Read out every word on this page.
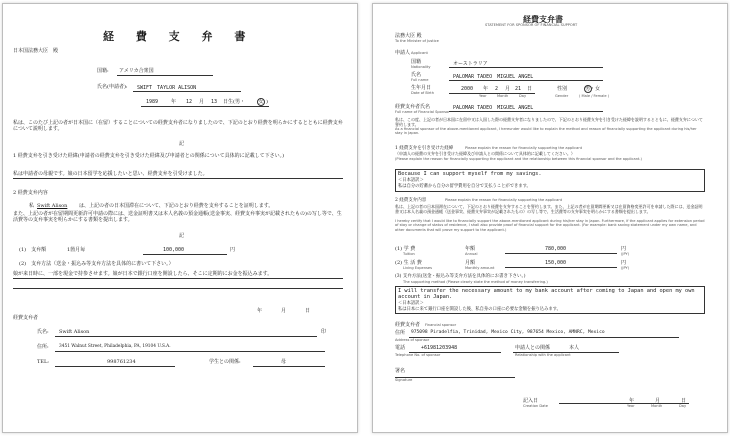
経 費 支 弁 書
日本国法務大臣　殿
国籍: アメリカ合衆国
氏名(申請者): SWIFT　TAYLOR ALISON
1989	年 12 月 13 日生(男・	女 )
私は、このたび上記の者が日本国に（在留）することについての経費支弁者になりましたので、下記のとおり経費を明らかにするとともに経費支弁について説明します。
記
1 経費支弁を引き受けた経緯(申請者の経費支弁を引き受けた経緯及び申請者との関係について具体的に記載して下さい。)
私は申請者の母親です。娘の日本留学を応援したいと思い、経費支弁を引受けました。
2 経費支弁内容
私 Swift Alison は、上記の者の日本国滞在について、下記のとおり経費を支弁することを証明します。
また、上記の者が在留期間更新許可申請の際には、送金証明書又は本人名義の預金通帳(送金事実、経費支弁事実が記載されたもの)の写し等で、生活費等の支弁事実を明らかにする書類を提出します。
記
(1)　支弁額	1箇月毎	100,000	円
(2)　支弁方法（送金・振込み等支弁方法を具体的に書いて下さい。）
娘が来日時に、一部を現金で持参させます。娘が日本で銀行口座を開設したら、そこに定期的にお金を振込みます。
年	月	日
経費支弁者
氏名: Swift Alison	印
住所: 3451 Walnut Street, Philadelphia, PA, 19104 U.S.A.
TEL:	998761234	学生との関係:	母
経費支弁書
STATEMENT FOR SPONSOR OF FINANCIAL SUPPORT
法務大臣 殿
To the Minister of Justice
申請人 Applicant
国籍
Nationality	オーストラリア
氏名
Full name	PALOMAR TADEO　MIGUEL ANGEL
生年月日
Date of Birth
2000 年 2 月 21 日
Year	Month	Day
性別
Gender
男・女
( Male / Female )
経費支弁者氏名
Full name of Financial Sponsor
PALOMAR TADEO　MIGUEL ANGEL
私は、この度、上記の者が日本国に在留中又は入国した際の経費支弁者になりましたので、下記のとおり経費支弁を引き受けた経緯を説明するとともに、経費支弁について誓約します。
As a financial sponsor of the above-mentioned applicant, I hereunder would like to explain the method and reason of financially supporting the applicant during his/her stay in Japan.
1 経費支弁を引き受けた経緯	Please explain the reason for financially supporting the applicant
（申請人の経費の支弁を引き受けた経緯及び申請人との関係について具体的に記載してください。）
(Please explain the reason for financially supporting the applicant and the relationship between this financial sponsor and the applicant.)
Because I can support myself from my savings.
＜日本語訳＞
私は自分の貯蓄から自分の留学費用を自分で支払うことができます。
2 経費支弁内容	Please explain the reason for financially supporting the applicant
私は、上記の者の日本国滞在について、下記のとおり経費を支弁することを誓約します。また、上記の者が在留期間更新又は在留資格変更許可を申請した際には、送金証明書又は本人名義の預金通帳（送金事実、経費支弁事実が記載されたもの）の写し等で、生活費等の支弁事実を明らかにする書類を提出します。
I hereby certify that I would like to financially support the above-mentioned applicant during his/her stay in Japan. Furthermore, if the applicant applies for extension period of stay or change of status of residence, I shall also provide proof of financial support for the applicant. (For example: bank saving statement under my own name, and other documents that will prove my support to the applicant.)
(1) 学 費
Tuition
年額
Annual
780,000	円
(JPY)
(2) 生 活 費
Living Expenses
月額
Monthly amount
150,000	円
(JPY)
(3) 支弁方法(送金・振込み等支弁方法を具体的にお書き下さい。)
The supporting method (Please clearly state the method of money transferring.)
I will transfer the necessary amount to my bank account after coming to Japan and open my own account in Japan.
＜日本語訳＞
私は日本に来て銀行口座を開設した後、私自身の口座に必要な金額を振り込みます。
経費支弁者 Financial sponsor
住所 975098 Piradelfia, Trinidad, Mexico City, 987654 Mexico, AMNRC, Mexico
Address of sponsor
電話	+61981203948
Telephone No. of sponsor
申請人との関係	本人
Relationship with the applicant
署名
Signature
記入日
Creation Date
年	月	日
Year	Month	Day
